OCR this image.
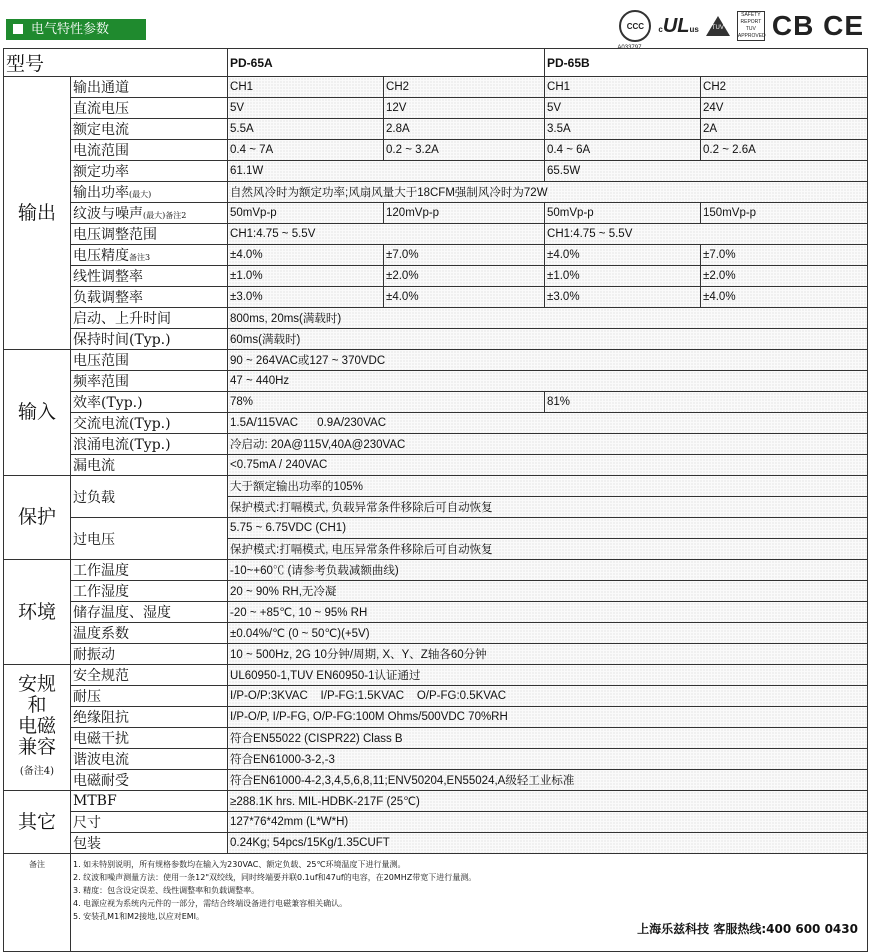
电气特性参数	CCC	cULus TUV
SAFETY
REPORT
TUV
APPROVED CB CE
型号		PD-65A		PD-65B	
输出	输出通道	CH1	CH2	CH1	CH2
	直流电压	5V	12V	5V	24V
	额定电流	5.5A	2.8A	3.5A	2A
	电流范围	0.4 ~ 7A	0.2 ~ 3.2A	0.4 ~ 6A	0.2 ~ 2.6A
	额定功率	61.1W		65.5W	
	输出功率(最大)	自然风冷时为额定功率;风扇风量大于18CFM强制风冷时为72W			
	纹波与噪声(最大)备注2	50mVp-p	120mVp-p	50mVp-p	150mVp-p
	电压调整范围	CH1:4.75 ~ 5.5V		CH1:4.75 ~ 5.5V	
	电压精度备注3	±4.0%	±7.0%	±4.0%	±7.0%
	线性调整率	±1.0%	±2.0%	±1.0%	±2.0%
	负载调整率	±3.0%	±4.0%	±3.0%	±4.0%
	启动、上升时间	800ms, 20ms(满载时)			
	保持时间(Typ.)	60ms(满载时)			
输入	电压范围	90 ~ 264VAC或127 ~ 370VDC			
	频率范围	47 ~ 440Hz			
	效率(Typ.)	78%		81%	
	交流电流(Typ.)	1.5A/115VAC      0.9A/230VAC			
	浪涌电流(Typ.)	冷启动: 20A@115V,40A@230VAC			
	漏电流	<0.75mA / 240VAC			
保护	过负载	大于额定输出功率的105%			
		保护模式:打嗝模式, 负载异常条件移除后可自动恢复			
	过电压	5.75 ~ 6.75VDC (CH1)			
		保护模式:打嗝模式, 电压异常条件移除后可自动恢复			
环境	工作温度	-10~+60℃ (请参考负载减额曲线)			
	工作湿度	20 ~ 90% RH,无冷凝			
	储存温度、湿度	-20 ~ +85℃, 10 ~ 95% RH			
	温度系数	±0.04%/℃ (0 ~ 50℃)(+5V)			
	耐振动	10 ~ 500Hz, 2G 10分钟/周期, X、Y、Z轴各60分钟			
安规
和
电磁
兼容
(备注4)	安全规范	UL60950-1,TUV EN60950-1认证通过			
	耐压	I/P-O/P:3KVAC    I/P-FG:1.5KVAC    O/P-FG:0.5KVAC			
	绝缘阻抗	I/P-O/P, I/P-FG, O/P-FG:100M Ohms/500VDC 70%RH			
	电磁干扰	符合EN55022 (CISPR22) Class B			
	谐波电流	符合EN61000-3-2,-3			
	电磁耐受	符合EN61000-4-2,3,4,5,6,8,11;ENV50204,EN55024,A级轻工业标准			
其它	MTBF	≥288.1K hrs. MIL-HDBK-217F (25℃)			
	尺寸	127*76*42mm (L*W*H)			
	包装	0.24Kg; 54pcs/15Kg/1.35CUFT			
备注	1. 如未特别说明，所有规格参数均在输入为230VAC、额定负载、25℃环境温度下进行量测。
2. 纹波和噪声测量方法：使用一条12"双绞线，同时终端要并联0.1uf和47uf的电容，在20MHZ带宽下进行量测。
3. 精度：包含设定误差、线性调整率和负载调整率。
4. 电源应视为系统内元件的一部分，需结合终端设备进行电磁兼容相关确认。
5. 安装孔M1和M2接地,以应对EMI。				
上海乐兹科技 客服热线:400 600 0430
